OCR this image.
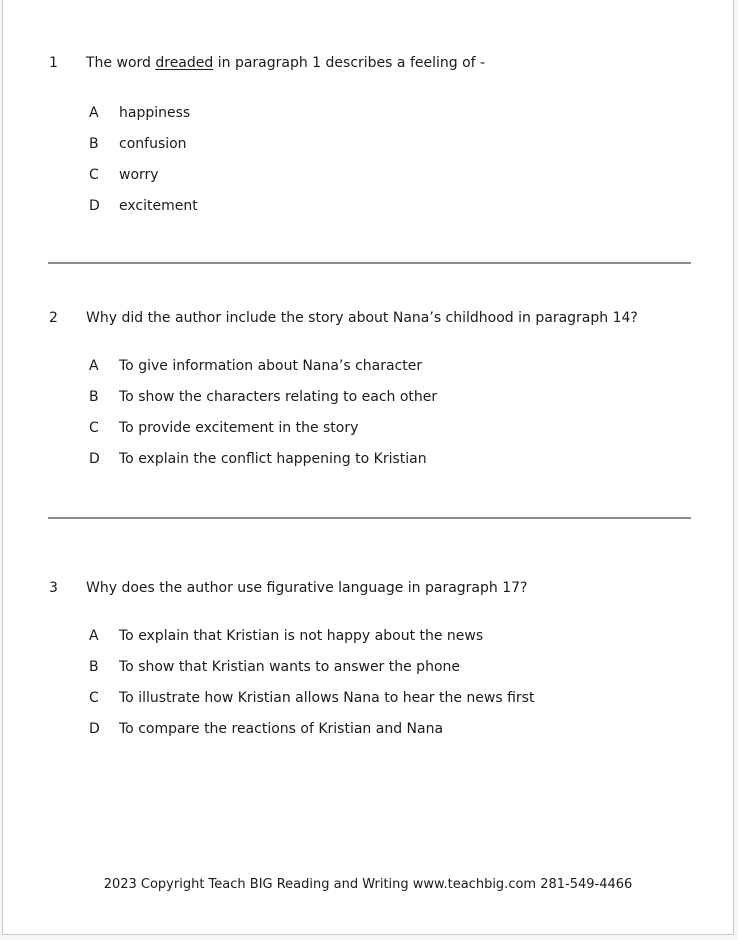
1 The word dreaded in paragraph 1 describes a feeling of -
A happiness
B confusion
C worry
D excitement
2 Why did the author include the story about Nana’s childhood in paragraph 14?
A To give information about Nana’s character
B To show the characters relating to each other
C To provide excitement in the story
D To explain the conflict happening to Kristian
3 Why does the author use figurative language in paragraph 17?
A To explain that Kristian is not happy about the news
B To show that Kristian wants to answer the phone
C To illustrate how Kristian allows Nana to hear the news first
D To compare the reactions of Kristian and Nana
2023 Copyright Teach BIG Reading and Writing www.teachbig.com 281-549-4466
